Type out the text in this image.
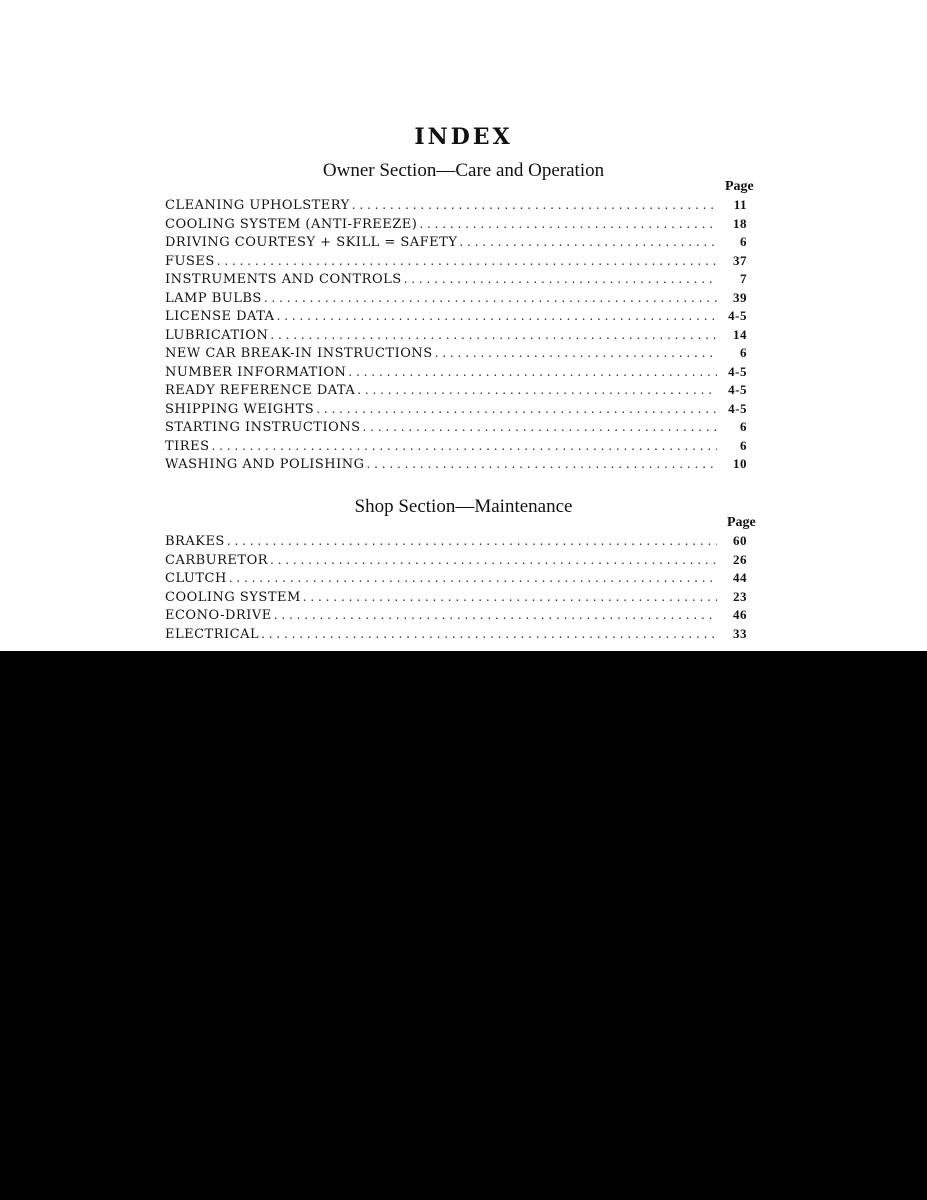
INDEX
Owner Section—Care and Operation
Page
CLEANING UPHOLSTERY . . .	11
COOLING SYSTEM (ANTI-FREEZE) . . .	18
DRIVING COURTESY + SKILL = SAFETY . . .	6
FUSES . . .	37
INSTRUMENTS AND CONTROLS . . .	7
LAMP BULBS . . .	39
LICENSE DATA . . .	4-5
LUBRICATION . . .	14
NEW CAR BREAK-IN INSTRUCTIONS . . .	6
NUMBER INFORMATION . . .	4-5
READY REFERENCE DATA . . .	4-5
SHIPPING WEIGHTS . . .	4-5
STARTING INSTRUCTIONS . . .	6
TIRES . . .	6
WASHING AND POLISHING . . .	10
Shop Section—Maintenance
Page
BRAKES . . .	60
CARBURETOR . . .	26
CLUTCH . . .	44
COOLING SYSTEM . . .	23
ECONO-DRIVE . . .	46
ELECTRICAL . . .	33
